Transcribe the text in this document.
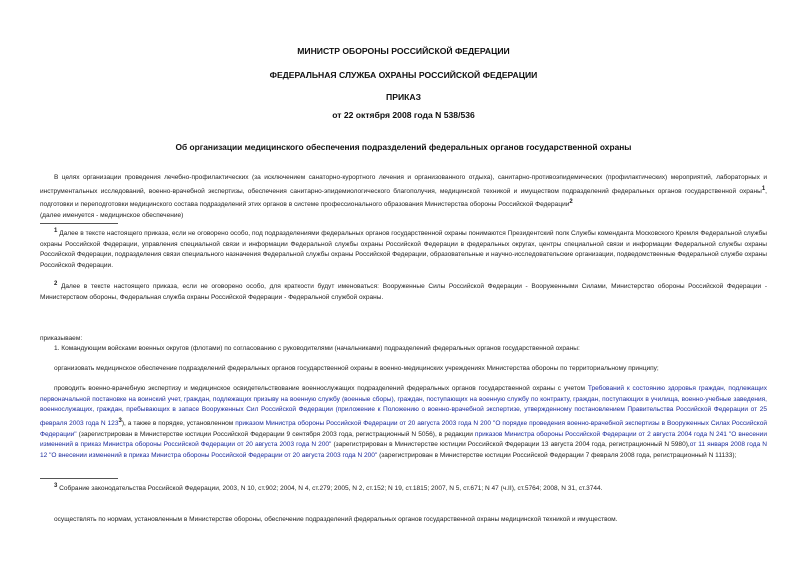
МИНИСТР ОБОРОНЫ РОССИЙСКОЙ ФЕДЕРАЦИИ
ФЕДЕРАЛЬНАЯ СЛУЖБА ОХРАНЫ РОССИЙСКОЙ ФЕДЕРАЦИИ
ПРИКАЗ
от 22 октября 2008 года N 538/536
Об организации медицинского обеспечения подразделений федеральных органов государственной охраны

В целях организации проведения лечебно-профилактических (за исключением санаторно-курортного лечения и организованного отдыха), санитарно-противоэпидемических (профилактических) мероприятий, лабораторных и инструментальных исследований, военно-врачебной экспертизы, обеспечения санитарно-эпидемиологического благополучия, медицинской техникой и имуществом подразделений федеральных органов государственной охраны$^1$, подготовки и переподготовки медицинского состава подразделений этих органов в системе профессионального образования Министерства обороны Российской Федерации$^2$
(далее именуется - медицинское обеспечение)

$^1$ Далее в тексте настоящего приказа, если не оговорено особо, под подразделениями федеральных органов государственной охраны понимаются Президентский полк Службы коменданта Московского Кремля Федеральной службы охраны Российской Федерации, управления специальной связи и информации Федеральной службы охраны Российской Федерации в федеральных округах, центры специальной связи и информации Федеральной службы охраны Российской Федерации, подразделения связи специального назначения Федеральной службы охраны Российской Федерации, образовательные и научно-исследовательские организации, подведомственные Федеральной службе охраны Российской Федерации.

$^2$ Далее в тексте настоящего приказа, если не оговорено особо, для краткости будут именоваться: Вооруженные Силы Российской Федерации - Вооруженными Силами, Министерство обороны Российской Федерации - Министерством обороны, Федеральная служба охраны Российской Федерации - Федеральной службой охраны.

приказываем:

1. Командующим войсками военных округов (флотами) по согласованию с руководителями (начальниками) подразделений федеральных органов государственной охраны:

организовать медицинское обеспечение подразделений федеральных органов государственной охраны в военно-медицинских учреждениях Министерства обороны по территориальному принципу;

проводить военно-врачебную экспертизу и медицинское освидетельствование военнослужащих подразделений федеральных органов государственной охраны с учетом Требований к состоянию здоровья граждан, подлежащих первоначальной постановке на воинский учет, граждан, подлежащих призыву на военную службу (военные сборы), граждан, поступающих на военную службу по контракту, граждан, поступающих в училища, военно-учебные заведения, военнослужащих, граждан, пребывающих в запасе Вооруженных Сил Российской Федерации (приложение к Положению о военно-врачебной экспертизе, утвержденному постановлением Правительства Российской Федерации от 25 февраля 2003 года N 123$^3$), а также в порядке, установленном приказом Министра обороны Российской Федерации от 20 августа 2003 года N 200 "О порядке проведения военно-врачебной экспертизы в Вооруженных Силах Российской Федерации" (зарегистрирован в Министерстве юстиции Российской Федерации 9 сентября 2003 года, регистрационный N 5056), в редакции приказов Министра обороны Российской Федерации от 2 августа 2004 года N 241 "О внесении изменений в приказ Министра обороны Российской Федерации от 20 августа 2003 года N 200" (зарегистрирован в Министерстве юстиции Российской Федерации 13 августа 2004 года, регистрационный N 5980),от 11 января 2008 года N 12 "О внесении изменений в приказ Министра обороны Российской Федерации от 20 августа 2003 года N 200" (зарегистрирован в Министерстве юстиции Российской Федерации 7 февраля 2008 года, регистрационный N 11133);

$^3$ Собрание законодательства Российской Федерации, 2003, N 10, ст.902; 2004, N 4, ст.279; 2005, N 2, ст.152; N 19, ст.1815; 2007, N 5, ст.671; N 47 (ч.II), ст.5764; 2008, N 31, ст.3744.

осуществлять по нормам, установленным в Министерстве обороны, обеспечение подразделений федеральных органов государственной охраны медицинской техникой и имуществом.
